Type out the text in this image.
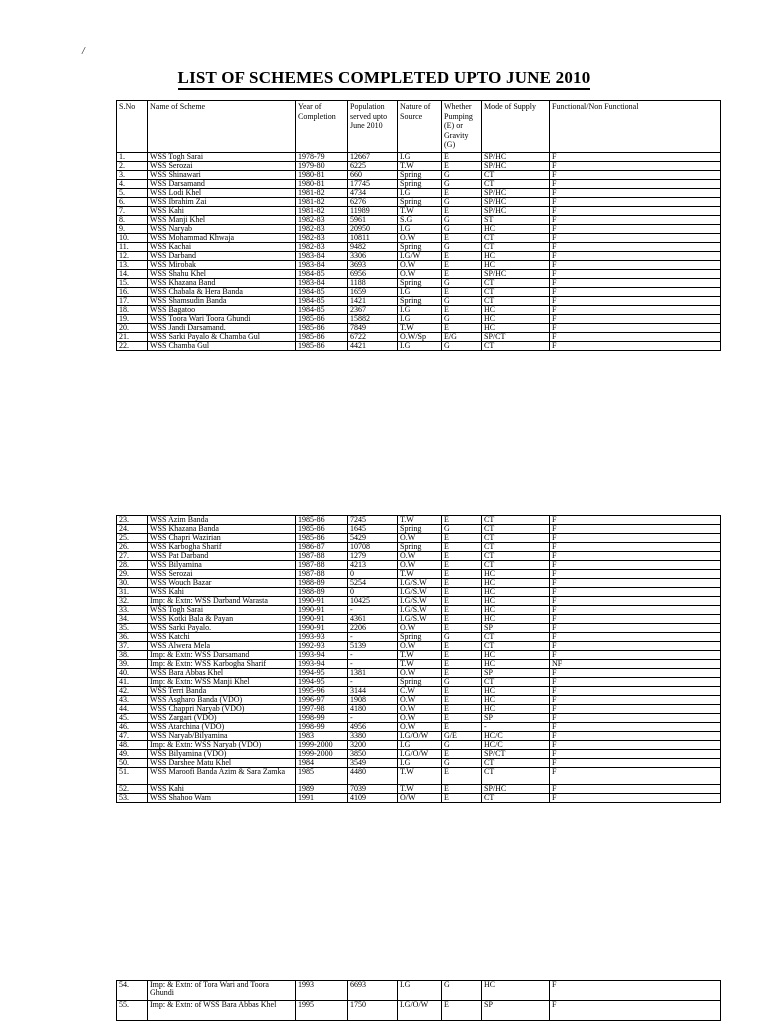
/
LIST OF SCHEMES COMPLETED UPTO JUNE 2010
S.No	Name of Scheme	Year of Completion	Population served upto June 2010	Nature of Source	Whether Pumping (E) or Gravity (G)	Mode of Supply	Functional/Non Functional
1.	WSS Togh Sarai	1978-79	12667	I.G	E	SP/HC	F
2.	WSS Serozai	1979-80	6225	T.W	E	SP/HC	F
3.	WSS Shinawari	1980-81	660	Spring	G	CT	F
4.	WSS Darsamand	1980-81	17745	Spring	G	CT	F
5.	WSS Lodi Khel	1981-82	4734	I.G	E	SP/HC	F
6.	WSS Ibrahim Zai	1981-82	6276	Spring	G	SP/HC	F
7.	WSS Kahi	1981-82	11989	T.W	E	SP/HC	F
8.	WSS Manji Khel	1982-83	5961	S.G	G	ST	F
9.	WSS Naryab	1982-83	20950	I.G	G	HC	F
10.	WSS Mohammad Khwaja	1982-83	10811	O.W	E	CT	F
11.	WSS Kachai	1982-83	9482	Spring	G	CT	F
12.	WSS Darband	1983-84	3306	I.G/W	E	HC	F
13.	WSS Mirobak	1983-84	3693	O.W	E	HC	F
14.	WSS Shahu Khel	1984-85	6956	O.W	E	SP/HC	F
15.	WSS Khazana Band	1983-84	1188	Spring	G	CT	F
16.	WSS Chabala & Hera Banda	1984-85	1659	I.G	E	CT	F
17.	WSS Shamsudin Banda	1984-85	1421	Spring	G	CT	F
18.	WSS Bagatoo	1984-85	2367	I.G	E	HC	F
19.	WSS Toora Wari Toora Ghundi	1985-86	15882	I.G	G	HC	F
20.	WSS Jandi Darsamand.	1985-86	7849	T.W	E	HC	F
21.	WSS Sarki Payalo & Chamba Gul	1985-86	6722	O.W/Sp	E/G	SP/CT	F
22.	WSS Chamba Gul	1985-86	4421	I.G	G	CT	F
23.	WSS Azim Banda	1985-86	7245	T.W	E	CT	F
24.	WSS Khazana Banda	1985-86	1645	Spring	G	CT	F
25.	WSS Chapri Wazirian	1985-86	5429	O.W	E	CT	F
26.	WSS Karbogha Sharif	1986-87	10708	Spring	E	CT	F
27.	WSS Pat Darband	1987-88	1279	O.W	E	CT	F
28.	WSS Bilyamina	1987-88	4213	O.W	E	CT	F
29.	WSS Serozai	1987-88	0	T.W	E	HC	F
30.	WSS Wouch Bazar	1988-89	5254	I.G/S.W	E	HC	F
31.	WSS Kahi	1988-89	0	I.G/S.W	E	HC	F
32.	Imp: & Extn: WSS Darband Warasta	1990-91	10425	I.G/S.W	E	HC	F
33.	WSS Togh Sarai	1990-91	-	I.G/S.W	E	HC	F
34.	WSS Kotki Bala & Payan	1990-91	4361	I.G/S.W	E	HC	F
35.	WSS Sarki Payalo.	1990-91	2206	O.W	E	SP	F
36.	WSS Katchi	1993-93	-	Spring	G	CT	F
37.	WSS Alwera Mela	1992-93	5139	O.W	E	CT	F
38.	Imp: & Extn: WSS Darsamand	1993-94	-	T.W	E	HC	F
39.	Imp: & Extn: WSS Karbogha Sharif	1993-94	-	T.W	E	HC	NF
40.	WSS Bara Abbas Khel	1994-95	1381	O.W	E	SP	F
41.	Imp: & Extn: WSS Manji Khel	1994-95	-	Spring	G	CT	F
42.	WSS Terri Banda	1995-96	3144	C.W	E	HC	F
43.	WSS Asgharo Banda (VDO)	1996-97	1908	O.W	E	HC	F
44.	WSS Chappri Naryab (VDO)	1997-98	4180	O.W	E	HC	F
45.	WSS Zargari (VDO)	1998-99	-	O.W	E	SP	F
46.	WSS Atarchina (VDO)	1998-99	4956	O.W	E	-	F
47.	WSS Naryab/Bilyamina	1983	3380	I.G/O/W	G/E	HC/C	F
48.	Imp: & Extn: WSS Naryab (VDO)	1999-2000	3200	I.G	G	HC/C	F
49.	WSS Bilyamina (VDO)	1999-2000	3850	I.G/O/W	E	SP/CT	F
50.	WSS Darshee Matu Khel	1984	3549	I.G	G	CT	F
51.	WSS Maroofi Banda Azim & Sara Zamka	1985	4480	T.W	E	CT	F
52.	WSS Kahi	1989	7039	T.W	E	SP/HC	F
53.	WSS Shahoo Wam	1991	4109	O/W	E	CT	F
54.	Imp: & Extn: of Tora Wari and Toora Ghundi	1993	6693	I.G	G	HC	F
55.	Imp: & Extn: of WSS Bara Abbas Khel	1995	1750	I.G/O/W	E	SP	F
